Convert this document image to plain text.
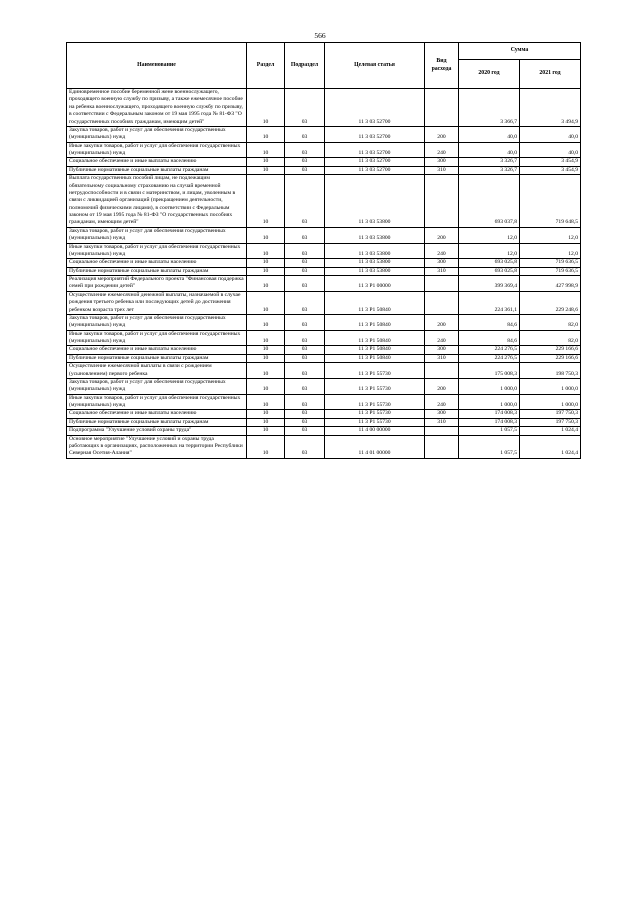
566
Наименование	Раздел	Подраздел	Целевая статья	Вид расхода	Сумма	
					2020 год	2021 год
Единовременное пособие беременной жене военнослужащего, проходящего военную службу по призыву, а также ежемесячное пособие на ребенка военнослужащего, проходящего военную службу по призыву, в соответствии с Федеральным законом от 19 мая 1995 года № 81-ФЗ "О государственных пособиях гражданам, имеющим детей"	10	03	11 3 03 52700		3 366,7	3 494,9
Закупка товаров, работ и услуг для обеспечения государственных (муниципальных) нужд	10	03	11 3 03 52700	200	40,0	40,0
Иные закупки товаров, работ и услуг для обеспечения государственных (муниципальных) нужд	10	03	11 3 03 52700	240	40,0	40,0
Социальное обеспечение и иные выплаты населению	10	03	11 3 03 52700	300	3 326,7	3 454,9
Публичные нормативные социальные выплаты гражданам	10	03	11 3 03 52700	310	3 326,7	3 454,9
Выплата государственных пособий лицам, не подлежащим обязательному социальному страхованию на случай временной нетрудоспособности и в связи с материнством, и лицам, уволенным в связи с ликвидацией организаций (прекращением деятельности, полномочий физическими лицами), в соответствии с Федеральным законом от 19 мая 1995 года № 81-ФЗ "О государственных пособиях гражданам, имеющим детей"	10	03	11 3 03 53800		693 037,8	719 648,5
Закупка товаров, работ и услуг для обеспечения государственных (муниципальных) нужд	10	03	11 3 03 53800	200	12,0	12,0
Иные закупки товаров, работ и услуг для обеспечения государственных (муниципальных) нужд	10	03	11 3 03 53800	240	12,0	12,0
Социальное обеспечение и иные выплаты населению	10	03	11 3 03 53800	300	693 025,8	719 636,5
Публичные нормативные социальные выплаты гражданам	10	03	11 3 03 53800	310	693 025,8	719 636,5
Реализация мероприятий Федерального проекта "Финансовая поддержка семей при рождении детей"	10	03	11 3 P1 00000		399 369,4	427 998,9
Осуществление ежемесячной денежной выплаты, назначаемой в случае рождения третьего ребенка или последующих детей до достижения ребенком возраста трех лет	10	03	11 3 P1 50840		224 361,1	229 248,6
Закупка товаров, работ и услуг для обеспечения государственных (муниципальных) нужд	10	03	11 3 P1 50840	200	84,6	82,0
Иные закупки товаров, работ и услуг для обеспечения государственных (муниципальных) нужд	10	03	11 3 P1 50840	240	84,6	82,0
Социальное обеспечение и иные выплаты населению	10	03	11 3 P1 50840	300	224 276,5	229 166,6
Публичные нормативные социальные выплаты гражданам	10	03	11 3 P1 50840	310	224 276,5	229 166,6
Осуществление ежемесячной выплаты в связи с рождением (усыновлением) первого ребенка	10	03	11 3 P1 55730		175 008,3	198 750,3
Закупка товаров, работ и услуг для обеспечения государственных (муниципальных) нужд	10	03	11 3 P1 55730	200	1 000,0	1 000,0
Иные закупки товаров, работ и услуг для обеспечения государственных (муниципальных) нужд	10	03	11 3 P1 55730	240	1 000,0	1 000,0
Социальное обеспечение и иные выплаты населению	10	03	11 3 P1 55730	300	174 008,3	197 750,3
Публичные нормативные социальные выплаты гражданам	10	03	11 3 P1 55730	310	174 008,3	197 750,3
Подпрограмма "Улучшение условий охраны труда"	10	03	11 4 00 00000		1 057,5	1 024,4
Основное мероприятие "Улучшение условий и охраны труда работающих в организациях, расположенных на территории Республики Северная Осетия-Алания"	10	03	11 4 01 00000		1 057,5	1 024,4
